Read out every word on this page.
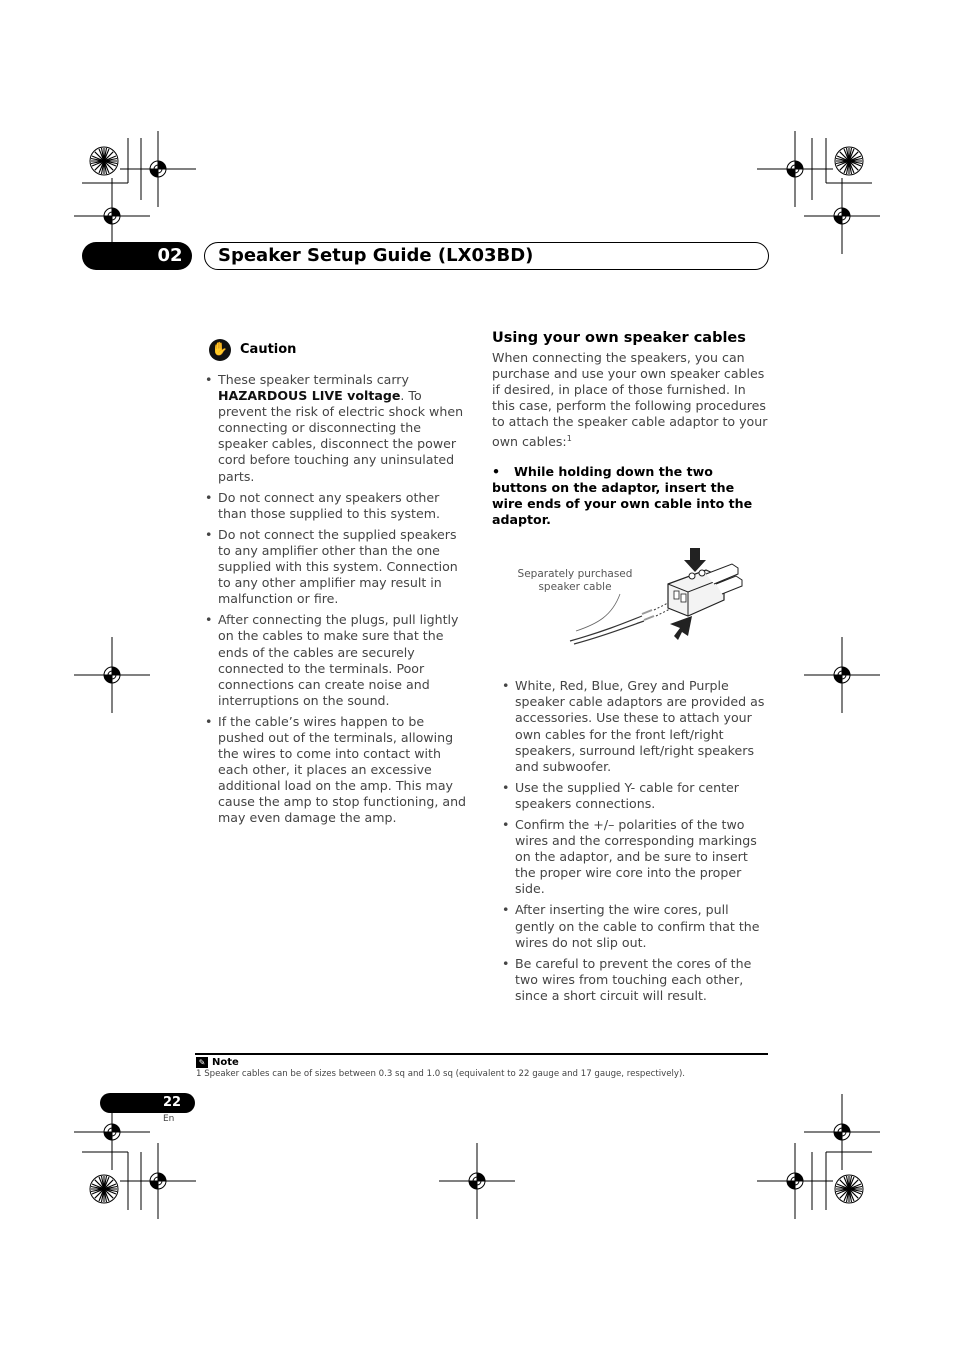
02	Speaker Setup Guide (LX03BD)
✋ Caution
• These speaker terminals carry HAZARDOUS LIVE voltage. To prevent the risk of electric shock when connecting or disconnecting the speaker cables, disconnect the power cord before touching any uninsulated parts.
• Do not connect any speakers other than those supplied to this system.
• Do not connect the supplied speakers to any amplifier other than the one supplied with this system. Connection to any other amplifier may result in malfunction or fire.
• After connecting the plugs, pull lightly on the cables to make sure that the ends of the cables are securely connected to the terminals. Poor connections can create noise and interruptions on the sound.
• If the cable’s wires happen to be pushed out of the terminals, allowing the wires to come into contact with each other, it places an excessive additional load on the amp. This may cause the amp to stop functioning, and may even damage the amp.
Using your own speaker cables
When connecting the speakers, you can purchase and use your own speaker cables if desired, in place of those furnished. In this case, perform the following procedures to attach the speaker cable adaptor to your own cables:$^1$
• While holding down the two buttons on the adaptor, insert the wire ends of your own cable into the adaptor.
Separately purchased speaker cable
• White, Red, Blue, Grey and Purple speaker cable adaptors are provided as accessories. Use these to attach your own cables for the front left/right speakers, surround left/right speakers and subwoofer.
• Use the supplied Y- cable for center speakers connections.
• Confirm the +/– polarities of the two wires and the corresponding markings on the adaptor, and be sure to insert the proper wire core into the proper side.
• After inserting the wire cores, pull gently on the cable to confirm that the wires do not slip out.
• Be careful to prevent the cores of the two wires from touching each other, since a short circuit will result.
✎ Note
1 Speaker cables can be of sizes between 0.3 sq and 1.0 sq (equivalent to 22 gauge and 17 gauge, respectively).
22
En
